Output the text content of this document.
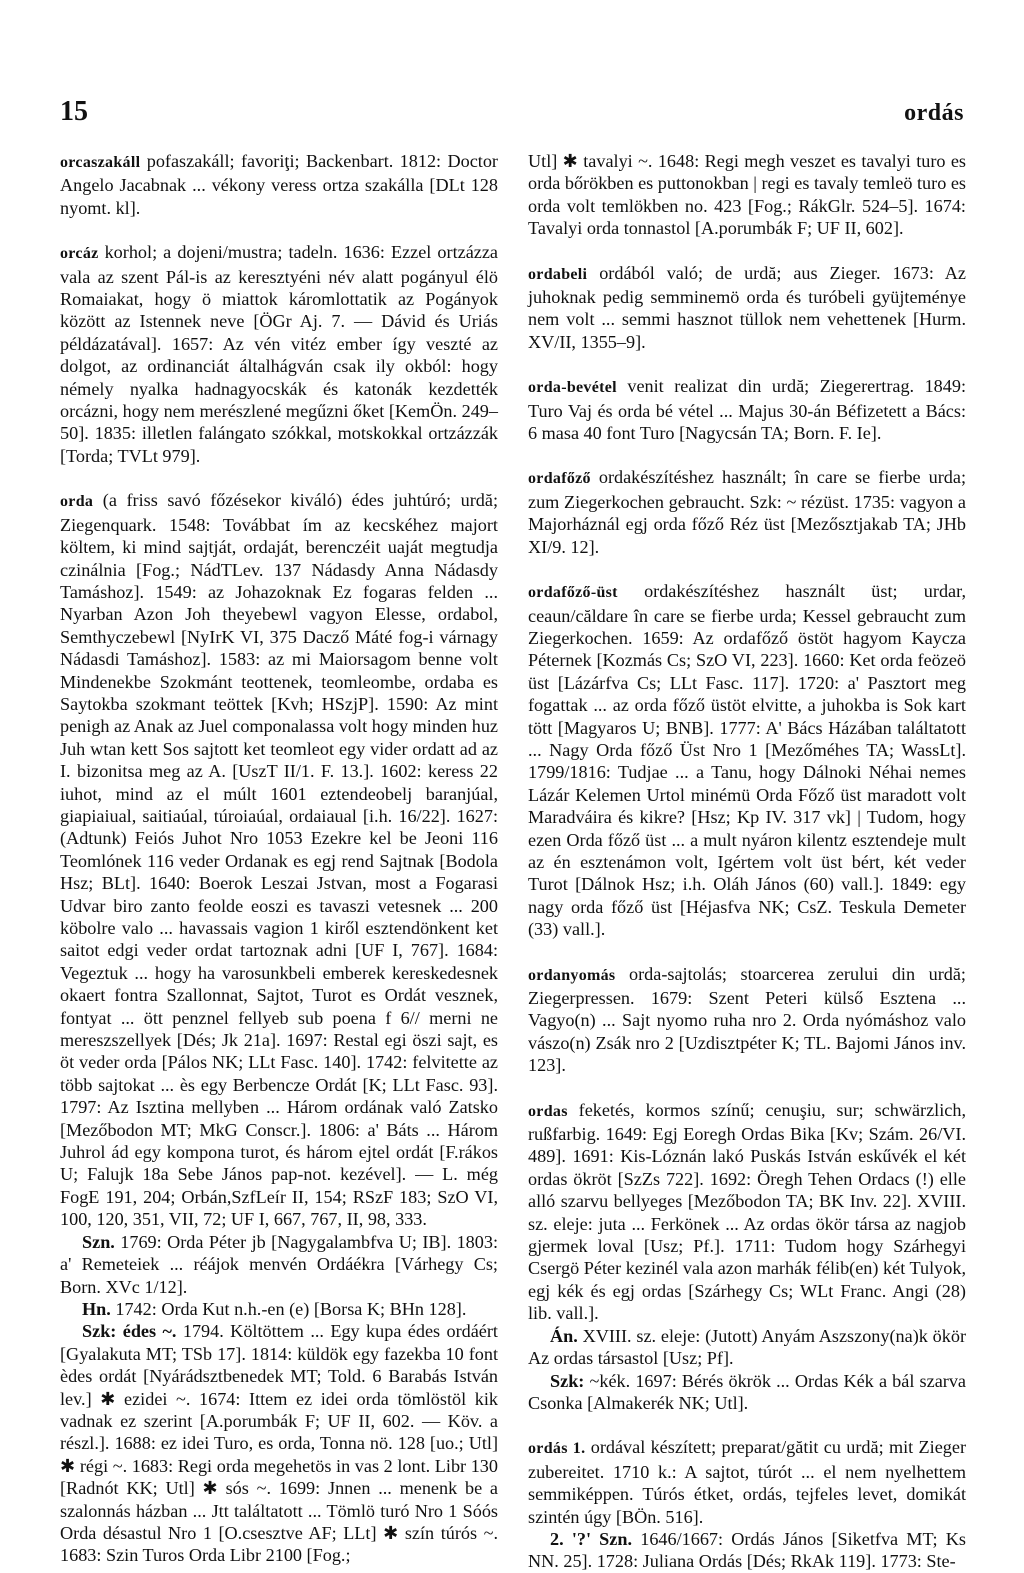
15	ordás

orcaszakáll pofaszakáll; favoriţi; Backenbart. 1812: Doctor Angelo Jacabnak ... vékony veress ortza szakálla [DLt 128 nyomt. kl].

orcáz korhol; a dojeni/mustra; tadeln. 1636: Ezzel ortzázza vala az szent Pál-is az keresztyéni név alatt pogányul élö Romaiakat, hogy ö miattok káromlottatik az Pogányok között az Istennek neve [ÖGr Aj. 7. — Dávid és Uriás példázatával]. 1657: Az vén vitéz ember így veszté az dolgot, az ordinanciát általhágván csak ily okból: hogy némely nyalka hadnagyocskák és katonák kezdették orcázni, hogy nem merészlené megűzni őket [KemÖn. 249–50]. 1835: illetlen falángato szókkal, motskokkal ortzázzák [Torda; TVLt 979].

orda (a friss savó főzésekor kiváló) édes juhtúró; urdă; Ziegenquark. 1548: Továbbat ím az kecskéhez majort költem, ki mind sajtját, ordaját, berenczéit uaját megtudja czinálnia [Fog.; NádTLev. 137 Nádasdy Anna Nádasdy Tamáshoz]. 1549: az Johazoknak Ez fogaras felden ... Nyarban Azon Joh theyebewl vagyon Elesse, ordabol, Semthyczebewl [NyIrK VI, 375 Dacző Máté fog-i várnagy Nádasdi Tamáshoz]. 1583: az mi Maiorsagom benne volt Mindenekbe Szokmánt teottenek, teomleombe, ordaba es Saytokba szokmant teöttek [Kvh; HSzjP]. 1590: Az mint penigh az Anak az Juel componalassa volt hogy minden huz Juh wtan kett Sos sajtott ket teomleot egy vider ordatt ad az I. bizonitsa meg az A. [UszT II/1. F. 13.]. 1602: keress 22 iuhot, mind az el múlt 1601 eztendeobelj baranjúal, giapiaiual, saitiaúal, túroiaúal, ordaiaual [i.h. 16/22]. 1627: (Adtunk) Feiós Juhot Nro 1053 Ezekre kel be Jeoni 116 Teomlónek 116 veder Ordanak es egj rend Sajtnak [Bodola Hsz; BLt]. 1640: Boerok Leszai Jstvan, most a Fogarasi Udvar biro zanto feolde eoszi es tavaszi vetesnek ... 200 köbolre valo ... havassais vagion 1 kiről esztendönkent ket saitot edgi veder ordat tartoznak adni [UF I, 767]. 1684: Vegeztuk ... hogy ha varosunkbeli emberek kereskedesnek okaert fontra Szallonnat, Sajtot, Turot es Ordát vesznek, fontyat ... ött penznel fellyeb sub poena f 6// merni ne mereszszellyek [Dés; Jk 21a]. 1697: Restal egi öszi sajt, es öt veder orda [Pálos NK; LLt Fasc. 140]. 1742: felvitette az több sajtokat ... ès egy Berbencze Ordát [K; LLt Fasc. 93]. 1797: Az Isztina mellyben ... Három ordának való Zatsko [Mezőbodon MT; MkG Conscr.]. 1806: a' Báts ... Három Juhrol ád egy kompona turot, és három ejtel ordát [F.rákos U; Falujk 18a Sebe János pap-not. kezével]. — L. még FogE 191, 204; Orbán,SzfLeír II, 154; RSzF 183; SzO VI, 100, 120, 351, VII, 72; UF I, 667, 767, II, 98, 333.

Szn. 1769: Orda Péter jb [Nagygalambfva U; IB]. 1803: a' Remeteiek ... réájok menvén Ordáékra [Várhegy Cs; Born. XVc 1/12].

Hn. 1742: Orda Kut n.h.-en (e) [Borsa K; BHn 128].

Szk: édes ~. 1794. Költöttem ... Egy kupa édes ordáért [Gyalakuta MT; TSb 17]. 1814: küldök egy fazekba 10 font èdes ordát [Nyárádsztbenedek MT; Told. 6 Barabás István lev.] ✱ ezidei ~. 1674: Ittem ez idei orda tömlöstöl kik vadnak ez szerint [A.porumbák F; UF II, 602. — Köv. a részl.]. 1688: ez idei Turo, es orda, Tonna nö. 128 [uo.; Utl] ✱ régi ~. 1683: Regi orda megehetös in vas 2 lont. Libr 130 [Radnót KK; Utl] ✱ sós ~. 1699: Jnnen ... menenk be a szalonnás házban ... Jtt találtatott ... Tömlö turó Nro 1 Sóós Orda désastul Nro 1 [O.csesztve AF; LLt] ✱ szín túrós ~. 1683: Szin Turos Orda Libr 2100 [Fog.;

Utl] ✱ tavalyi ~. 1648: Regi megh veszet es tavalyi turo es orda bőrökben es puttonokban | regi es tavaly temleö turo es orda volt temlökben no. 423 [Fog.; RákGlr. 524–5]. 1674: Tavalyi orda tonnastol [A.porumbák F; UF II, 602].

ordabeli ordából való; de urdă; aus Zieger. 1673: Az juhoknak pedig semminemö orda és turóbeli gyüjteménye nem volt ... semmi hasznot tüllok nem vehettenek [Hurm. XV/II, 1355–9].

orda-bevétel venit realizat din urdă; Ziegerertrag. 1849: Turo Vaj és orda bé vétel ... Majus 30-án Béfizetett a Bács: 6 masa 40 font Turo [Nagycsán TA; Born. F. Ie].

ordafőző ordakészítéshez használt; în care se fierbe urda; zum Ziegerkochen gebraucht. Szk: ~ rézüst. 1735: vagyon a Majorháznál egj orda főző Réz üst [Mezősztjakab TA; JHb XI/9. 12].

ordafőző-üst ordakészítéshez használt üst; urdar, ceaun/căldare în care se fierbe urda; Kessel gebraucht zum Ziegerkochen. 1659: Az ordafőző östöt hagyom Kaycza Péternek [Kozmás Cs; SzO VI, 223]. 1660: Ket orda feözeö üst [Lázárfva Cs; LLt Fasc. 117]. 1720: a' Pasztort meg fogattak ... az orda főző üstöt elvitte, a juhokba is Sok kart tött [Magyaros U; BNB]. 1777: A' Bács Házában találtatott ... Nagy Orda főző Üst Nro 1 [Mezőméhes TA; WassLt]. 1799/1816: Tudjae ... a Tanu, hogy Dálnoki Néhai nemes Lázár Kelemen Urtol minémü Orda Főző üst maradott volt Maradváira és kikre? [Hsz; Kp IV. 317 vk] | Tudom, hogy ezen Orda főző üst ... a mult nyáron kilentz esztendeje mult az én esztenámon volt, Igértem volt üst bért, két veder Turot [Dálnok Hsz; i.h. Oláh János (60) vall.]. 1849: egy nagy orda főző üst [Héjasfva NK; CsZ. Teskula Demeter (33) vall.].

ordanyomás orda-sajtolás; stoarcerea zerului din urdă; Ziegerpressen. 1679: Szent Peteri külső Esztena ... Vagyo(n) ... Sajt nyomo ruha nro 2. Orda nyómáshoz valo vászo(n) Zsák nro 2 [Uzdisztpéter K; TL. Bajomi János inv. 123].

ordas feketés, kormos színű; cenuşiu, sur; schwärzlich, rußfarbig. 1649: Egj Eoregh Ordas Bika [Kv; Szám. 26/VI. 489]. 1691: Kis-Lóznán lakó Puskás István eskűvék el két ordas ökröt [SzZs 722]. 1692: Öregh Tehen Ordacs (!) elle alló szarvu bellyeges [Mezőbodon TA; BK Inv. 22]. XVIII. sz. eleje: juta ... Ferkönek ... Az ordas ökör társa az nagjob gjermek loval [Usz; Pf.]. 1711: Tudom hogy Szárhegyi Csergö Péter kezinél vala azon marhák félib(en) két Tulyok, egj kék és egj ordas [Szárhegy Cs; WLt Franc. Angi (28) lib. vall.].

Án. XVIII. sz. eleje: (Jutott) Anyám Aszszony(na)k ökör Az ordas társastol [Usz; Pf].

Szk: ~kék. 1697: Bérés ökrök ... Ordas Kék a bál szarva Csonka [Almakerék NK; Utl].

ordás 1. ordával készített; preparat/gătit cu urdă; mit Zieger zubereitet. 1710 k.: A sajtot, túrót ... el nem nyelhettem semmiképpen. Túrós étket, ordás, tejfeles levet, domikát szintén úgy [BÖn. 516].

2. '?' Szn. 1646/1667: Ordás János [Siketfva MT; Ks NN. 25]. 1728: Juliana Ordás [Dés; RkAk 119]. 1773: Ste-
